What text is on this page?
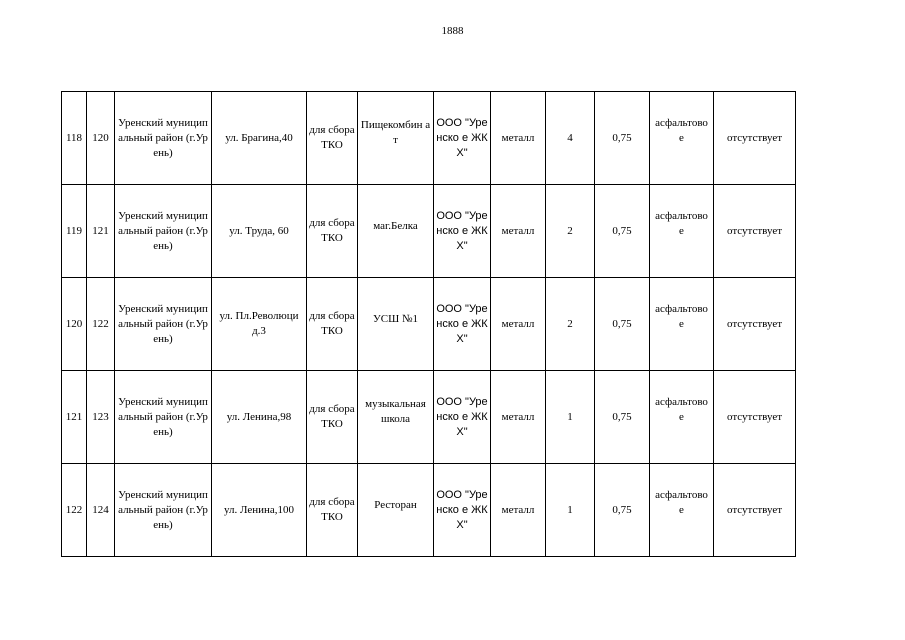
1888
118	120	Уренский муниципальный район (г.Урень)	ул. Брагина,40	для сбора ТКО	Пищекомбин ат	ООО "Уренско е ЖКХ"	металл	4	0,75	асфальтово е	отсутствует
119	121	Уренский муниципальный район (г.Урень)	ул. Труда, 60	для сбора ТКО	маг.Белка	ООО "Уренско е ЖКХ"	металл	2	0,75	асфальтово е	отсутствует
120	122	Уренский муниципальный район (г.Урень)	ул. Пл.Революци д.3	для сбора ТКО	УСШ №1	ООО "Уренско е ЖКХ"	металл	2	0,75	асфальтово е	отсутствует
121	123	Уренский муниципальный район (г.Урень)	ул. Ленина,98	для сбора ТКО	музыкальная школа	ООО "Уренско е ЖКХ"	металл	1	0,75	асфальтово е	отсутствует
122	124	Уренский муниципальный район (г.Урень)	ул. Ленина,100	для сбора ТКО	Ресторан	ООО "Уренско е ЖКХ"	металл	1	0,75	асфальтово е	отсутствует
